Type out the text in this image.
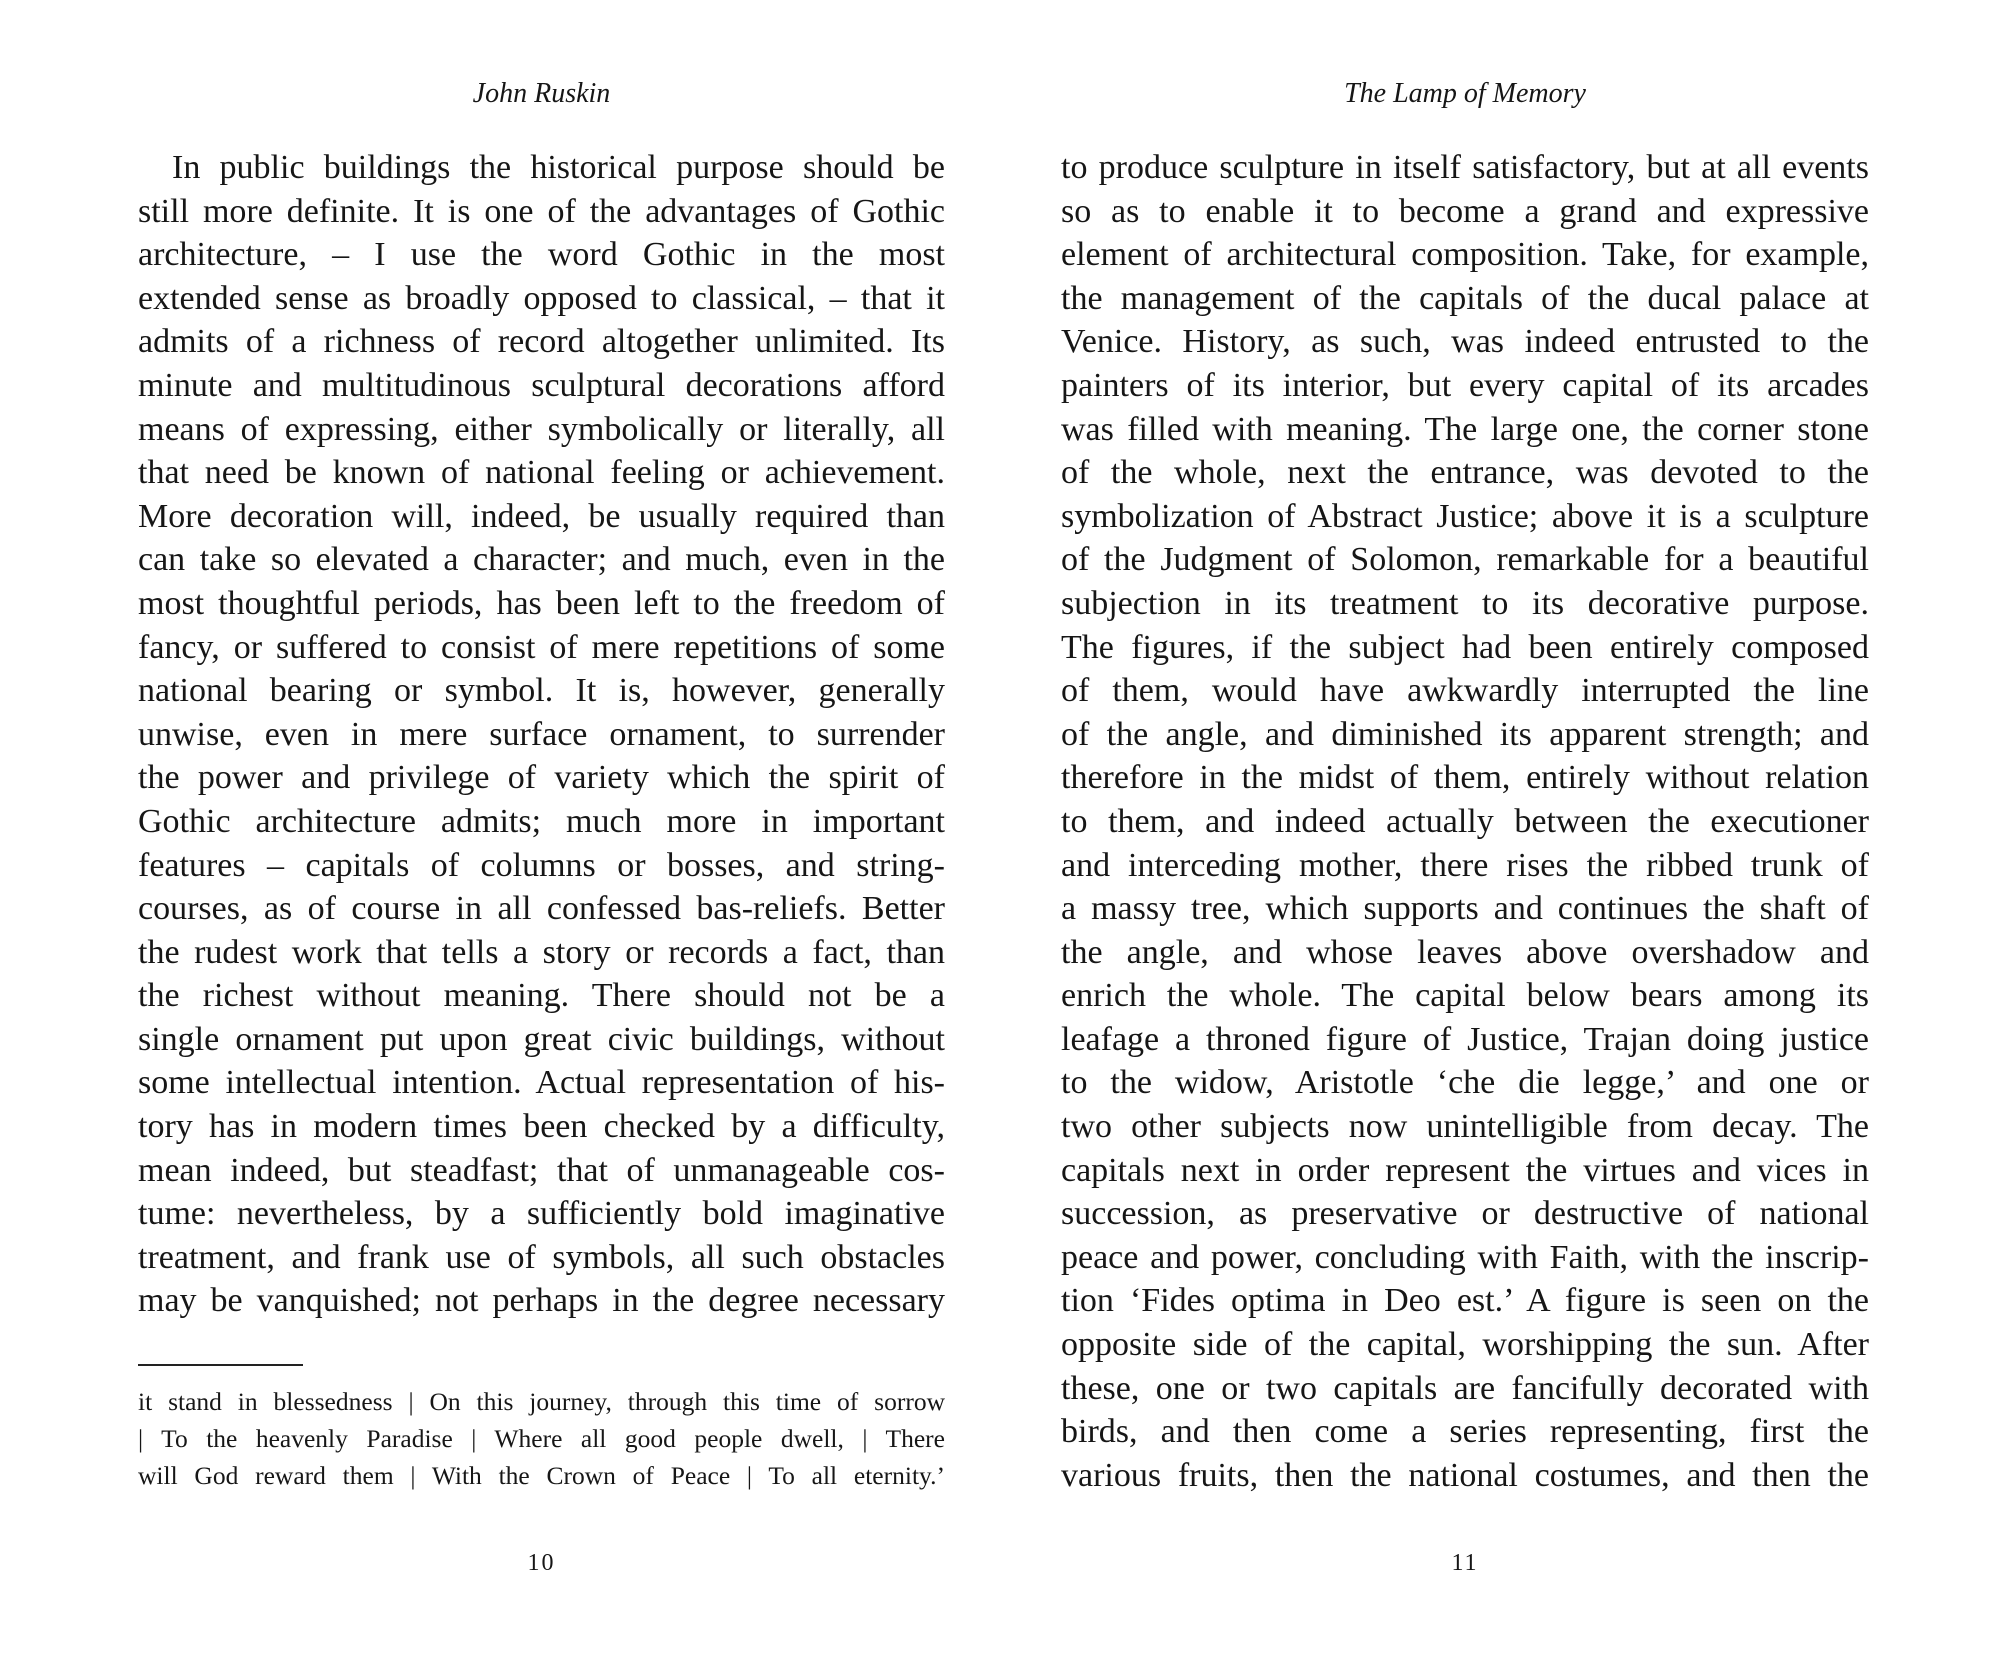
John Ruskin
In public buildings the historical purpose should be
still more definite. It is one of the advantages of Gothic
architecture, – I use the word Gothic in the most
extended sense as broadly opposed to classical, – that it
admits of a richness of record altogether unlimited. Its
minute and multitudinous sculptural decorations afford
means of expressing, either symbolically or literally, all
that need be known of national feeling or achievement.
More decoration will, indeed, be usually required than
can take so elevated a character; and much, even in the
most thoughtful periods, has been left to the freedom of
fancy, or suffered to consist of mere repetitions of some
national bearing or symbol. It is, however, generally
unwise, even in mere surface ornament, to surrender
the power and privilege of variety which the spirit of
Gothic architecture admits; much more in important
features – capitals of columns or bosses, and string-
courses, as of course in all confessed bas-reliefs. Better
the rudest work that tells a story or records a fact, than
the richest without meaning. There should not be a
single ornament put upon great civic buildings, without
some intellectual intention. Actual representation of his-
tory has in modern times been checked by a difficulty,
mean indeed, but steadfast; that of unmanageable cos-
tume: nevertheless, by a sufficiently bold imaginative
treatment, and frank use of symbols, all such obstacles
may be vanquished; not perhaps in the degree necessary
it stand in blessedness | On this journey, through this time of sorrow
| To the heavenly Paradise | Where all good people dwell, | There
will God reward them | With the Crown of Peace | To all eternity.’
10
The Lamp of Memory
to produce sculpture in itself satisfactory, but at all events
so as to enable it to become a grand and expressive
element of architectural composition. Take, for example,
the management of the capitals of the ducal palace at
Venice. History, as such, was indeed entrusted to the
painters of its interior, but every capital of its arcades
was filled with meaning. The large one, the corner stone
of the whole, next the entrance, was devoted to the
symbolization of Abstract Justice; above it is a sculpture
of the Judgment of Solomon, remarkable for a beautiful
subjection in its treatment to its decorative purpose.
The figures, if the subject had been entirely composed
of them, would have awkwardly interrupted the line
of the angle, and diminished its apparent strength; and
therefore in the midst of them, entirely without relation
to them, and indeed actually between the executioner
and interceding mother, there rises the ribbed trunk of
a massy tree, which supports and continues the shaft of
the angle, and whose leaves above overshadow and
enrich the whole. The capital below bears among its
leafage a throned figure of Justice, Trajan doing justice
to the widow, Aristotle ‘che die legge,’ and one or
two other subjects now unintelligible from decay. The
capitals next in order represent the virtues and vices in
succession, as preservative or destructive of national
peace and power, concluding with Faith, with the inscrip-
tion ‘Fides optima in Deo est.’ A figure is seen on the
opposite side of the capital, worshipping the sun. After
these, one or two capitals are fancifully decorated with
birds, and then come a series representing, first the
various fruits, then the national costumes, and then the
11
